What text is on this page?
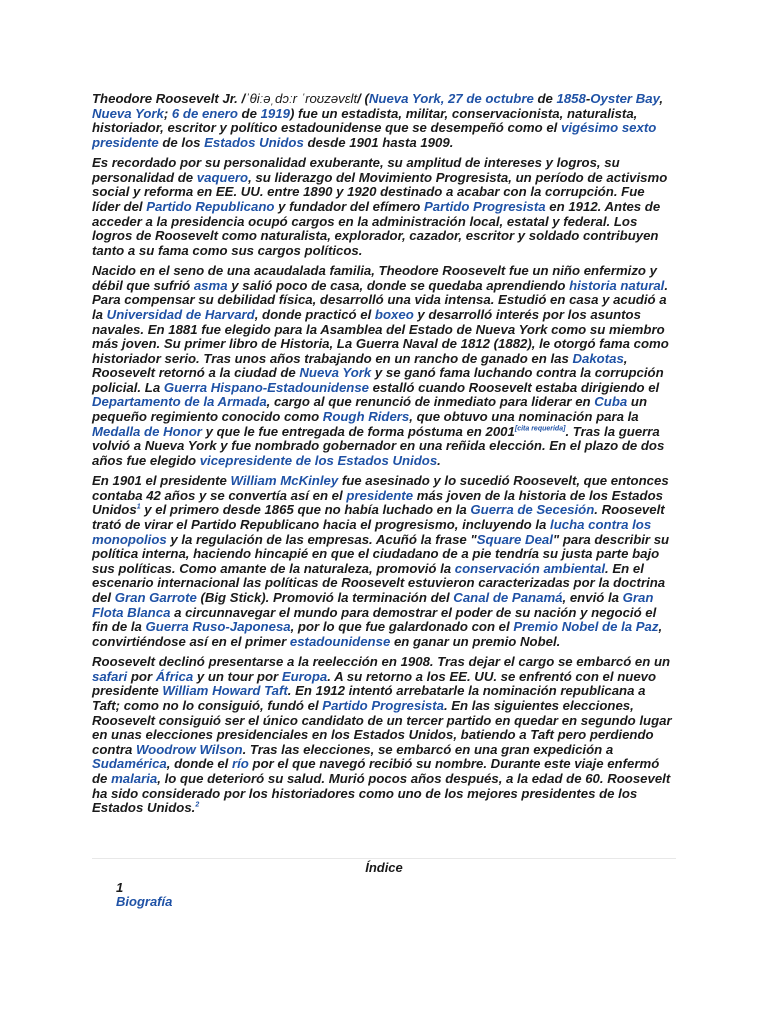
Theodore Roosevelt Jr. /ˈθiːəˌdɔːr ˈroʊzəvɛlt/ (Nueva York, 27 de octubre de 1858-Oyster Bay, Nueva York; 6 de enero de 1919) fue un estadista, militar, conservacionista, naturalista, historiador, escritor y político estadounidense que se desempeñó como el vigésimo sexto presidente de los Estados Unidos desde 1901 hasta 1909.

Es recordado por su personalidad exuberante, su amplitud de intereses y logros, su personalidad de vaquero, su liderazgo del Movimiento Progresista, un período de activismo social y reforma en EE. UU. entre 1890 y 1920 destinado a acabar con la corrupción. Fue líder del Partido Republicano y fundador del efímero Partido Progresista en 1912. Antes de acceder a la presidencia ocupó cargos en la administración local, estatal y federal. Los logros de Roosevelt como naturalista, explorador, cazador, escritor y soldado contribuyen tanto a su fama como sus cargos políticos.

Nacido en el seno de una acaudalada familia, Theodore Roosevelt fue un niño enfermizo y débil que sufrió asma y salió poco de casa, donde se quedaba aprendiendo historia natural. Para compensar su debilidad física, desarrolló una vida intensa. Estudió en casa y acudió a la Universidad de Harvard, donde practicó el boxeo y desarrolló interés por los asuntos navales. En 1881 fue elegido para la Asamblea del Estado de Nueva York como su miembro más joven. Su primer libro de Historia, La Guerra Naval de 1812 (1882), le otorgó fama como historiador serio. Tras unos años trabajando en un rancho de ganado en las Dakotas, Roosevelt retornó a la ciudad de Nueva York y se ganó fama luchando contra la corrupción policial. La Guerra Hispano-Estadounidense estalló cuando Roosevelt estaba dirigiendo el Departamento de la Armada, cargo al que renunció de inmediato para liderar en Cuba un pequeño regimiento conocido como Rough Riders, que obtuvo una nominación para la Medalla de Honor y que le fue entregada de forma póstuma en 2001[cita requerida]. Tras la guerra volvió a Nueva York y fue nombrado gobernador en una reñida elección. En el plazo de dos años fue elegido vicepresidente de los Estados Unidos.

En 1901 el presidente William McKinley fue asesinado y lo sucedió Roosevelt, que entonces contaba 42 años y se convertía así en el presidente más joven de la historia de los Estados Unidos$^1$ y el primero desde 1865 que no había luchado en la Guerra de Secesión. Roosevelt trató de virar el Partido Republicano hacia el progresismo, incluyendo la lucha contra los monopolios y la regulación de las empresas. Acuñó la frase "Square Deal" para describir su política interna, haciendo hincapié en que el ciudadano de a pie tendría su justa parte bajo sus políticas. Como amante de la naturaleza, promovió la conservación ambiental. En el escenario internacional las políticas de Roosevelt estuvieron caracterizadas por la doctrina del Gran Garrote (Big Stick). Promovió la terminación del Canal de Panamá, envió la Gran Flota Blanca a circunnavegar el mundo para demostrar el poder de su nación y negoció el fin de la Guerra Ruso-Japonesa, por lo que fue galardonado con el Premio Nobel de la Paz, convirtiéndose así en el primer estadounidense en ganar un premio Nobel.

Roosevelt declinó presentarse a la reelección en 1908. Tras dejar el cargo se embarcó en un safari por África y un tour por Europa. A su retorno a los EE. UU. se enfrentó con el nuevo presidente William Howard Taft. En 1912 intentó arrebatarle la nominación republicana a Taft; como no lo consiguió, fundó el Partido Progresista. En las siguientes elecciones, Roosevelt consiguió ser el único candidato de un tercer partido en quedar en segundo lugar en unas elecciones presidenciales en los Estados Unidos, batiendo a Taft pero perdiendo contra Woodrow Wilson. Tras las elecciones, se embarcó en una gran expedición a Sudamérica, donde el río por el que navegó recibió su nombre. Durante este viaje enfermó de malaria, lo que deterioró su salud. Murió pocos años después, a la edad de 60. Roosevelt ha sido considerado por los historiadores como uno de los mejores presidentes de los Estados Unidos.$^2$

Índice
1
Biografía
